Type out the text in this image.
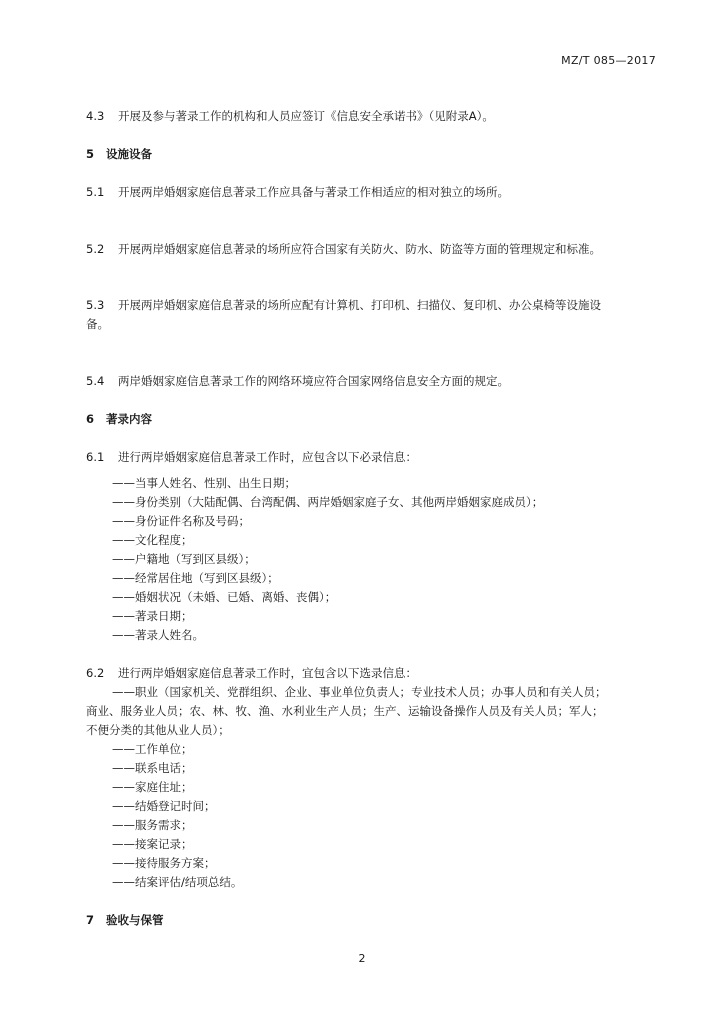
MZ/T 085—2017
4.3 开展及参与著录工作的机构和人员应签订《信息安全承诺书》（见附录A）。
5 设施设备
5.1 开展两岸婚姻家庭信息著录工作应具备与著录工作相适应的相对独立的场所。
5.2 开展两岸婚姻家庭信息著录的场所应符合国家有关防火、防水、防盗等方面的管理规定和标准。
5.3 开展两岸婚姻家庭信息著录的场所应配有计算机、打印机、扫描仪、复印机、办公桌椅等设施设
备。
5.4 两岸婚姻家庭信息著录工作的网络环境应符合国家网络信息安全方面的规定。
6 著录内容
6.1 进行两岸婚姻家庭信息著录工作时，应包含以下必录信息：
——当事人姓名、性别、出生日期；
——身份类别（大陆配偶、台湾配偶、两岸婚姻家庭子女、其他两岸婚姻家庭成员）；
——身份证件名称及号码；
——文化程度；
——户籍地（写到区县级）；
——经常居住地（写到区县级）；
——婚姻状况（未婚、已婚、离婚、丧偶）；
——著录日期；
——著录人姓名。
6.2 进行两岸婚姻家庭信息著录工作时，宜包含以下选录信息：
——职业（国家机关、党群组织、企业、事业单位负责人；专业技术人员；办事人员和有关人员；
商业、服务业人员；农、林、牧、渔、水利业生产人员；生产、运输设备操作人员及有关人员；军人；
不便分类的其他从业人员）；
——工作单位；
——联系电话；
——家庭住址；
——结婚登记时间；
——服务需求；
——接案记录；
——接待服务方案；
——结案评估/结项总结。
7 验收与保管
2
